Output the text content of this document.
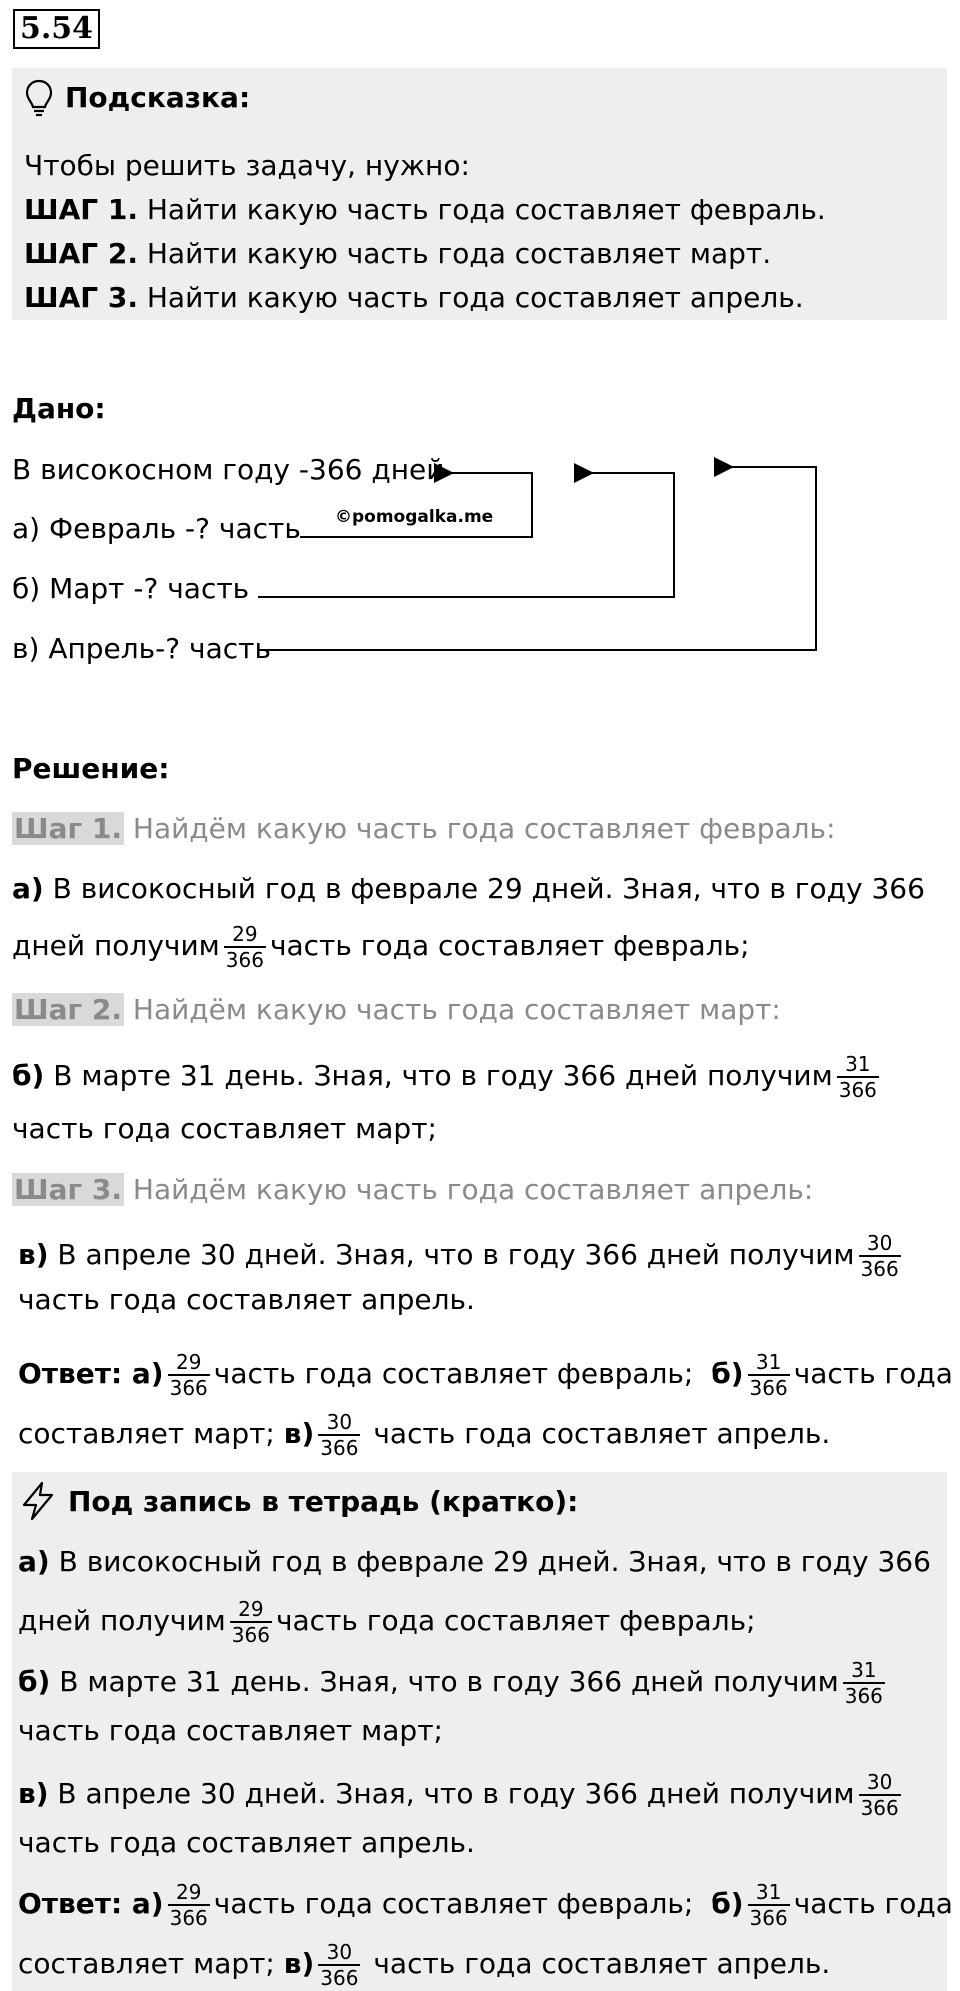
5.54
Подсказка:
Чтобы решить задачу, нужно:
ШАГ 1. Найти какую часть года составляет февраль.
ШАГ 2. Найти какую часть года составляет март.
ШАГ 3. Найти какую часть года составляет апрель.
Дано:
В високосном году -366 дней
а) Февраль -? часть
б) Март -? часть
в) Апрель-? часть
©pomogalka.me
Решение:
Шаг 1. Найдём какую часть года составляет февраль:
а) В високосный год в феврале 29 дней. Зная, что в году 366
дней получим $\frac{29}{366}$ часть года составляет февраль;
Шаг 2. Найдём какую часть года составляет март:
б) В марте 31 день. Зная, что в году 366 дней получим $\frac{31}{366}$
часть года составляет март;
Шаг 3. Найдём какую часть года составляет апрель:
в) В апреле 30 дней. Зная, что в году 366 дней получим $\frac{30}{366}$
часть года составляет апрель.
Ответ: $а) \frac{29}{366}$ часть года составляет февраль; $б) \frac{31}{366}$ часть года
составляет март; $в) \frac{30}{366}$ часть года составляет апрель.
Под запись в тетрадь (кратко):
а) В високосный год в феврале 29 дней. Зная, что в году 366
дней получим $\frac{29}{366}$ часть года составляет февраль;
б) В марте 31 день. Зная, что в году 366 дней получим $\frac{31}{366}$
часть года составляет март;
в) В апреле 30 дней. Зная, что в году 366 дней получим $\frac{30}{366}$
часть года составляет апрель.
Ответ: $а) \frac{29}{366}$ часть года составляет февраль; $б) \frac{31}{366}$ часть года
составляет март; $в) \frac{30}{366}$ часть года составляет апрель.
